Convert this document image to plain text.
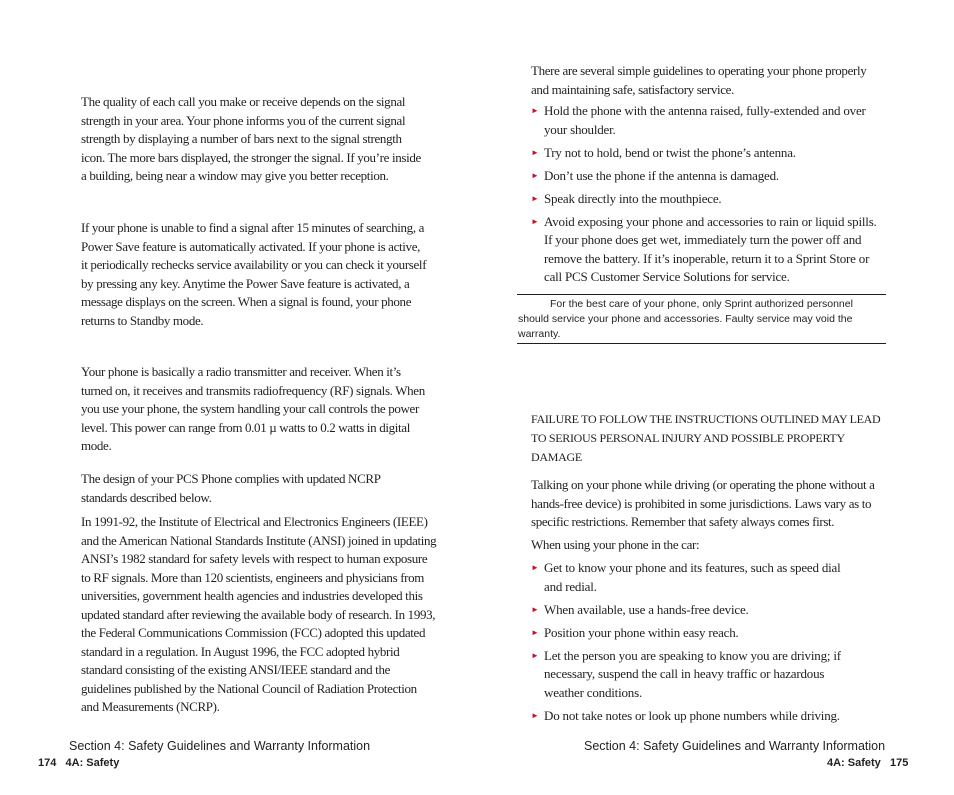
The quality of each call you make or receive depends on the signal strength in your area. Your phone informs you of the current signal strength by displaying a number of bars next to the signal strength icon. The more bars displayed, the stronger the signal. If you’re inside a building, being near a window may give you better reception.

If your phone is unable to find a signal after 15 minutes of searching, a Power Save feature is automatically activated. If your phone is active, it periodically rechecks service availability or you can check it yourself by pressing any key. Anytime the Power Save feature is activated, a message displays on the screen. When a signal is found, your phone returns to Standby mode.

Your phone is basically a radio transmitter and receiver. When it’s turned on, it receives and transmits radiofrequency (RF) signals. When you use your phone, the system handling your call controls the power level. This power can range from 0.01 µ watts to 0.2 watts in digital mode.

The design of your PCS Phone complies with updated NCRP standards described below.

In 1991-92, the Institute of Electrical and Electronics Engineers (IEEE) and the American National Standards Institute (ANSI) joined in updating ANSI’s 1982 standard for safety levels with respect to human exposure to RF signals. More than 120 scientists, engineers and physicians from universities, government health agencies and industries developed this updated standard after reviewing the available body of research. In 1993, the Federal Communications Commission (FCC) adopted this updated standard in a regulation. In August 1996, the FCC adopted hybrid standard consisting of the existing ANSI/IEEE standard and the guidelines published by the National Council of Radiation Protection and Measurements (NCRP).

Section 4: Safety Guidelines and Warranty Information
174   4A: Safety

There are several simple guidelines to operating your phone properly and maintaining safe, satisfactory service.

► Hold the phone with the antenna raised, fully-extended and over your shoulder.
► Try not to hold, bend or twist the phone’s antenna.
► Don’t use the phone if the antenna is damaged.
► Speak directly into the mouthpiece.
► Avoid exposing your phone and accessories to rain or liquid spills. If your phone does get wet, immediately turn the power off and remove the battery. If it’s inoperable, return it to a Sprint Store or call PCS Customer Service Solutions for service.
Section 4: Safety Guidelines and Warranty Information
4A: Safety   175

For the best care of your phone, only Sprint authorized personnel should service your phone and accessories. Faulty service may void the warranty.

FAILURE TO FOLLOW THE INSTRUCTIONS OUTLINED MAY LEAD TO SERIOUS PERSONAL INJURY AND POSSIBLE PROPERTY DAMAGE

Talking on your phone while driving (or operating the phone without a hands-free device) is prohibited in some jurisdictions. Laws vary as to specific restrictions. Remember that safety always comes first.

When using your phone in the car:

► Get to know your phone and its features, such as speed dial and redial.
► When available, use a hands-free device.
► Position your phone within easy reach.
► Let the person you are speaking to know you are driving; if necessary, suspend the call in heavy traffic or hazardous weather conditions.
► Do not take notes or look up phone numbers while driving.
